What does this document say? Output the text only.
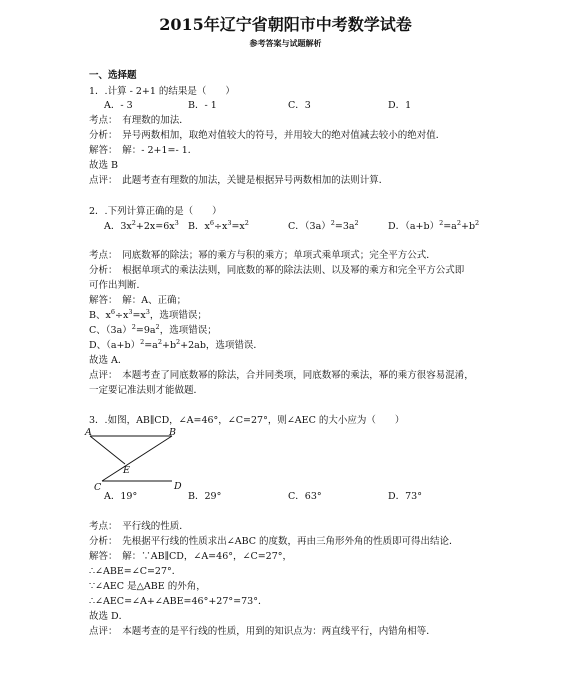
2015年辽宁省朝阳市中考数学试卷
参考答案与试题解析
一、选择题
1．.计算 - 2+1 的结果是（　　）
A．- 3	B．- 1	C．3	D．1
考点：　有理数的加法．
分析：　异号两数相加，取绝对值较大的符号，并用较大的绝对值减去较小的绝对值．
解答：　解：- 2+1=- 1．
故选 B
点评：　此题考查有理数的加法，关键是根据异号两数相加的法则计算．
2．.下列计算正确的是（　　）
A．$3x^2+2x=6x^3$ B．$x^6\div x^3=x^2$	C．$(3a)^2=3a^2$	D．$(a+b)^2=a^2+b^2$
考点：　同底数幂的除法；幂的乘方与积的乘方；单项式乘单项式；完全平方公式．
分析：　根据单项式的乘法法则，同底数的幂的除法法则、以及幂的乘方和完全平方公式即
可作出判断．
解答：　解：A、正确；
B、$x^6\div x^3=x^3$，选项错误；
C、$(3a)^2=9a^2$，选项错误；
D、$(a+b)^2=a^2+b^2+2ab$，选项错误．
故选 A．
点评：　本题考查了同底数幂的除法，合并同类项，同底数幂的乘法，幂的乘方很容易混淆，
一定要记准法则才能做题．
3．.如图，AB∥CD，∠A=46°，∠C=27°，则∠AEC 的大小应为（　　）
A	B
C	D
E
A．19°	B．29°	C．63°	D．73°
考点：　平行线的性质．
分析：　先根据平行线的性质求出∠ABC 的度数，再由三角形外角的性质即可得出结论．
解答：　解：∵AB∥CD，∠A=46°，∠C=27°，
∴∠ABE=∠C=27°．
∵∠AEC 是△ABE 的外角，
∴∠AEC=∠A+∠ABE=46°+27°=73°．
故选 D．
点评：　本题考查的是平行线的性质，用到的知识点为：两直线平行，内错角相等．
